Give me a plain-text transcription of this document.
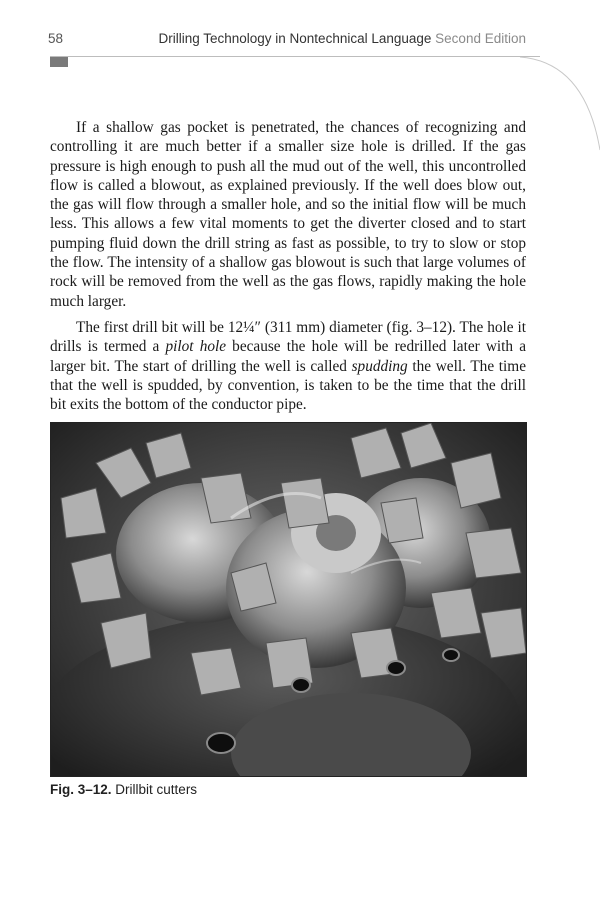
58	Drilling Technology in Nontechnical Language Second Edition

If a shallow gas pocket is penetrated, the chances of recognizing and controlling it are much better if a smaller size hole is drilled. If the gas pressure is high enough to push all the mud out of the well, this uncontrolled flow is called a blowout, as explained previously. If the well does blow out, the gas will flow through a smaller hole, and so the initial flow will be much less. This allows a few vital moments to get the diverter closed and to start pumping fluid down the drill string as fast as possible, to try to slow or stop the flow. The intensity of a shallow gas blowout is such that large volumes of rock will be removed from the well as the gas flows, rapidly making the hole much larger.

The first drill bit will be 12¼″ (311 mm) diameter (fig. 3–12). The hole it drills is termed a pilot hole because the hole will be redrilled later with a larger bit. The start of drilling the well is called spudding the well. The time that the well is spudded, by convention, is taken to be the time that the drill bit exits the bottom of the conductor pipe.

Fig. 3–12. Drillbit cutters
